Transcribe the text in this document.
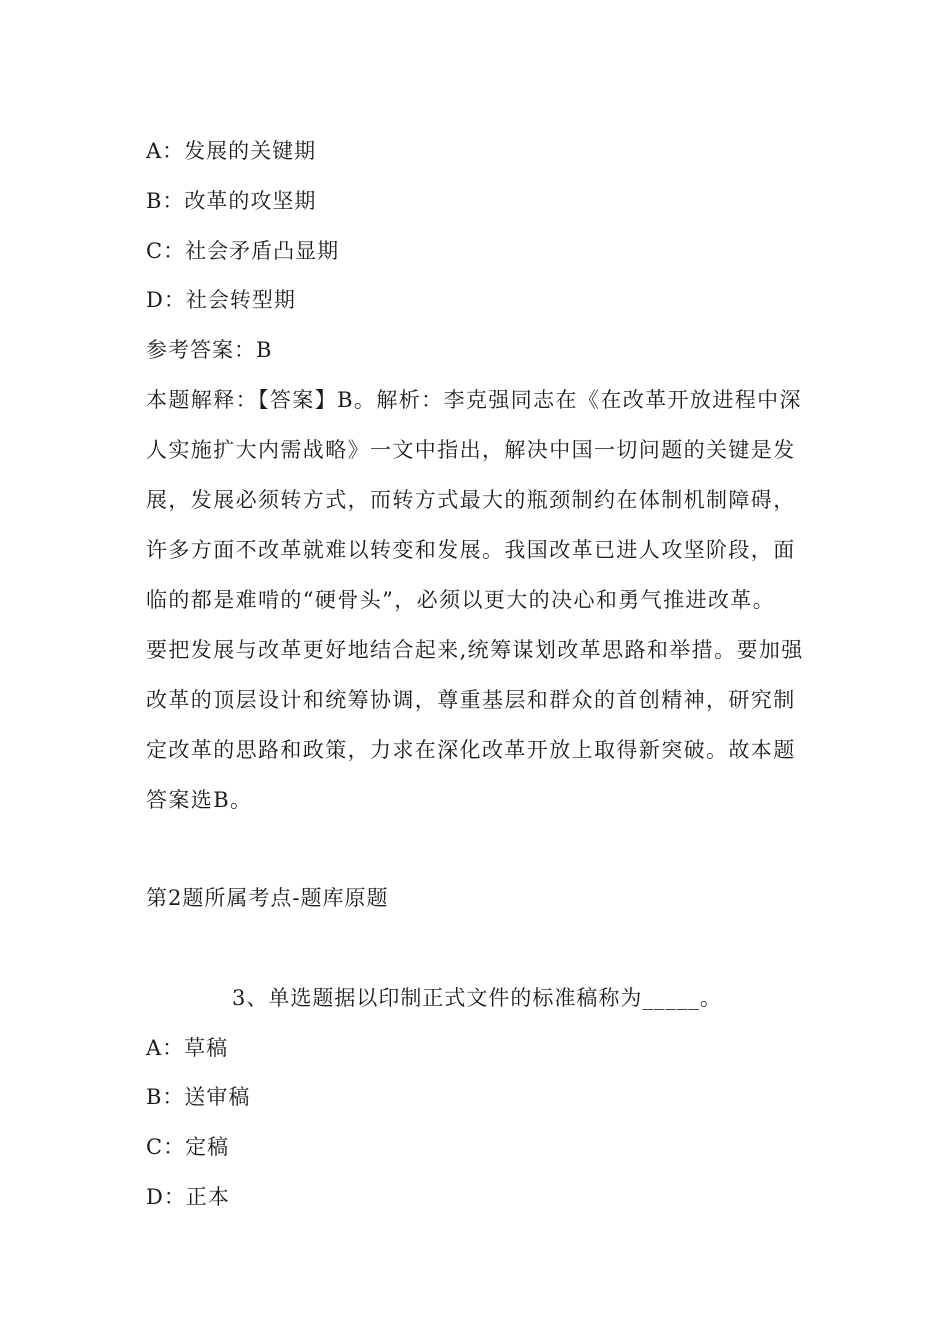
A：发展的关键期
B：改革的攻坚期
C：社会矛盾凸显期
D：社会转型期
参考答案：B
本题解释：【答案】B。解析：李克强同志在《在改革开放进程中深
人实施扩大内需战略》一文中指出，解决中国一切问题的关键是发
展，发展必须转方式，而转方式最大的瓶颈制约在体制机制障碍，
许多方面不改革就难以转变和发展。我国改革已进人攻坚阶段，面
临的都是难啃的“硬骨头”，必须以更大的决心和勇气推进改革。
要把发展与改革更好地结合起来,统筹谋划改革思路和举措。要加强
改革的顶层设计和统筹协调，尊重基层和群众的首创精神，研究制
定改革的思路和政策，力求在深化改革开放上取得新突破。故本题
答案选B。
第2题所属考点-题库原题
3、单选题据以印制正式文件的标准稿称为_____。
A：草稿
B：送审稿
C：定稿
D：正本
